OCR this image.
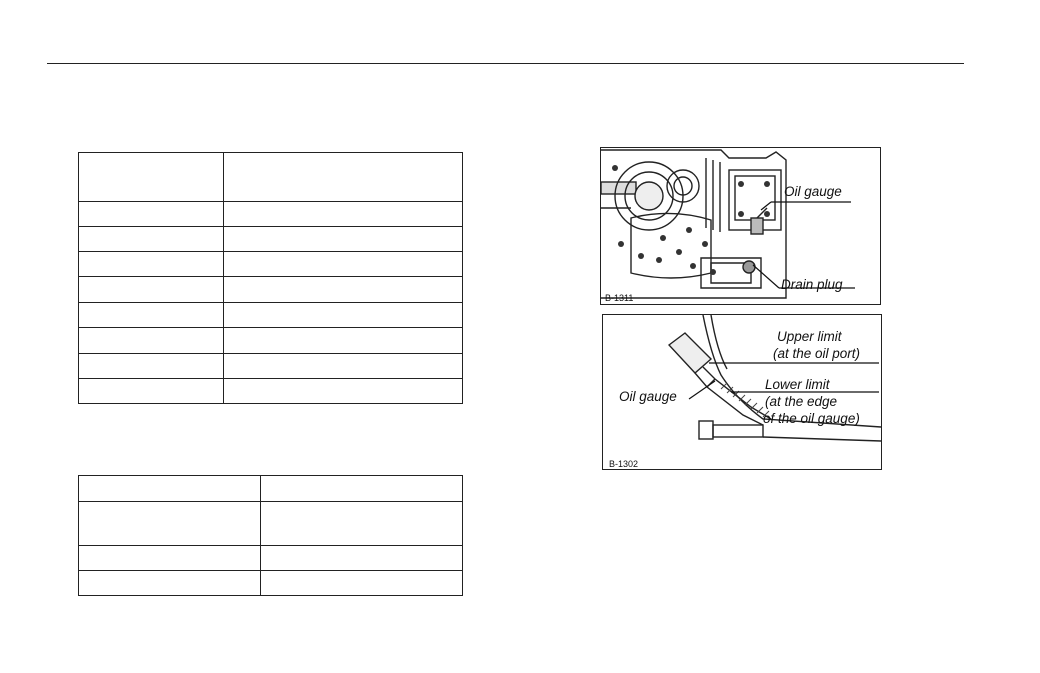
Oil gauge
Drain plug
B-1311
Upper limit
(at the oil port)
Lower limit
(at the edge
of the oil gauge)
Oil gauge
B-1302
